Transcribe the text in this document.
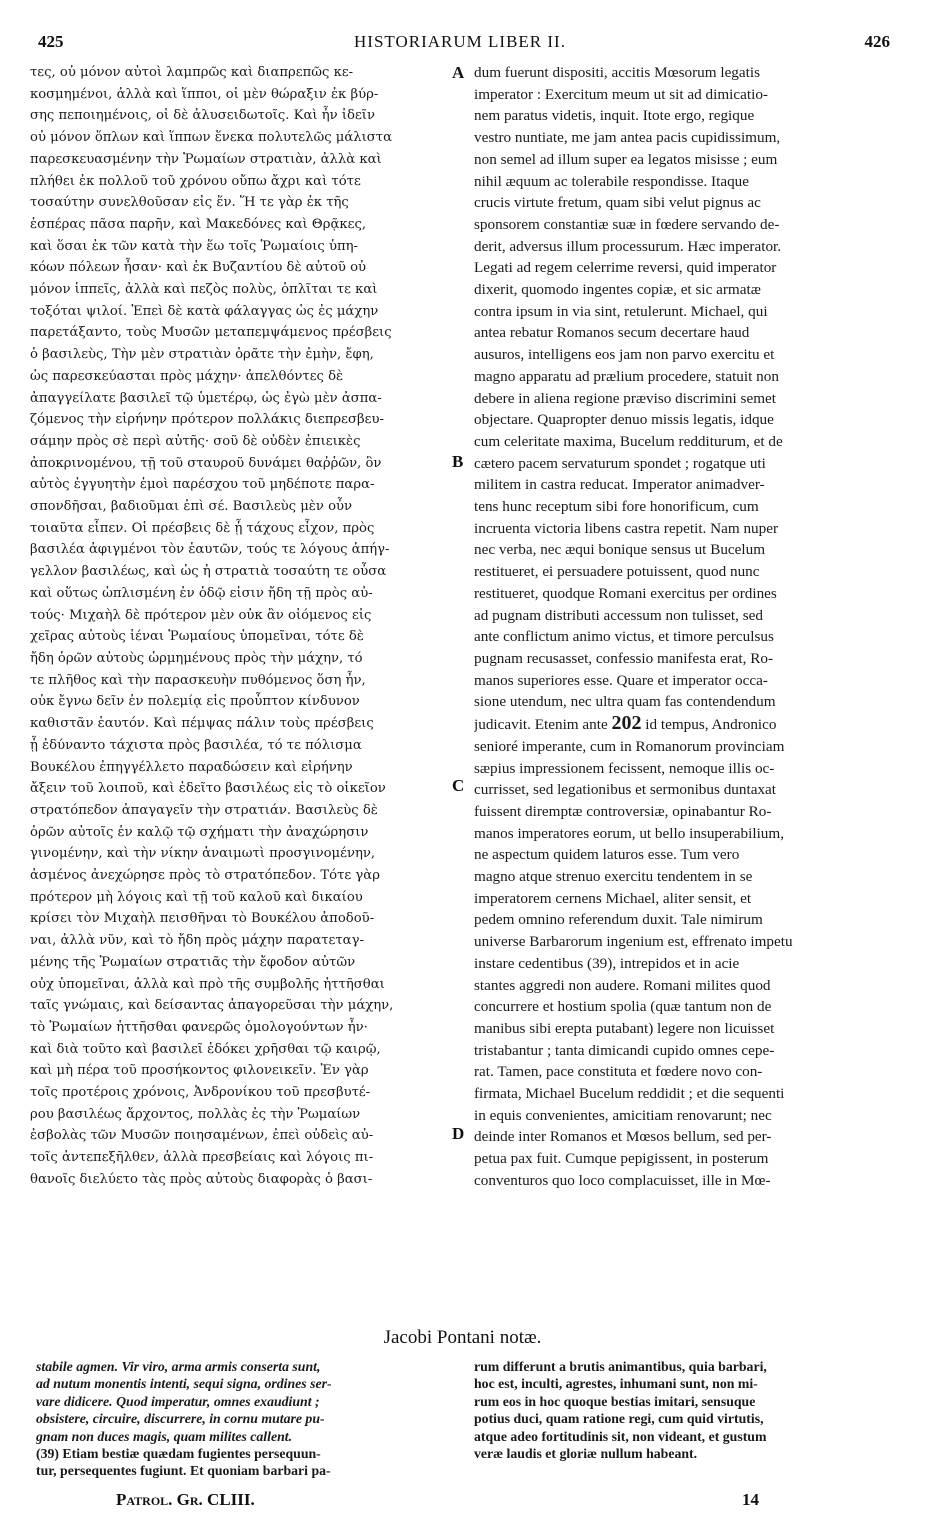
425	HISTORIARUM LIBER II.	426
τες, οὐ μόνον αὐτοὶ λαμπρῶς καὶ διαπρεπῶς κε-
κοσμημένοι, ἀλλὰ καὶ ἵπποι, οἱ μὲν θώραξιν ἐκ βύρ-
σης πεποιημένοις, οἱ δὲ ἀλυσειδωτοῖς. Καὶ ἦν ἰδεῖν
οὐ μόνον ὅπλων καὶ ἵππων ἕνεκα πολυτελῶς μάλιστα
παρεσκευασμένην τὴν Ῥωμαίων στρατιὰν, ἀλλὰ καὶ
πλήθει ἐκ πολλοῦ τοῦ χρόνου οὔπω ἄχρι καὶ τότε
τοσαύτην συνελθοῦσαν εἰς ἕν. Ἥ τε γὰρ ἐκ τῆς
ἑσπέρας πᾶσα παρῆν, καὶ Μακεδόνες καὶ Θρᾷκες,
καὶ ὅσαι ἐκ τῶν κατὰ τὴν ἕω τοῖς Ῥωμαίοις ὑπη-
κόων πόλεων ἦσαν· καὶ ἐκ Βυζαντίου δὲ αὐτοῦ οὐ
μόνον ἱππεῖς, ἀλλὰ καὶ πεζὸς πολὺς, ὁπλῖται τε καὶ
τοξόται ψιλοί. Ἐπεὶ δὲ κατὰ φάλαγγας ὡς ἐς μάχην
παρετάξαντο, τοὺς Μυσῶν μεταπεμψάμενος πρέσβεις
ὁ βασιλεὺς, Τὴν μὲν στρατιὰν ὁρᾶτε τὴν ἐμὴν, ἔφη,
ὡς παρεσκεύασται πρὸς μάχην· ἀπελθόντες δὲ
ἀπαγγείλατε βασιλεῖ τῷ ὑμετέρῳ, ὡς ἐγὼ μὲν ἀσπα-
ζόμενος τὴν εἰρήνην πρότερον πολλάκις διεπρεσβευ-
σάμην πρὸς σὲ περὶ αὐτῆς· σοῦ δὲ οὐδὲν ἐπιεικὲς
ἀποκρινομένου, τῇ τοῦ σταυροῦ δυνάμει θαῤῥῶν, ὃν
αὐτὸς ἐγγυητὴν ἐμοὶ παρέσχου τοῦ μηδέποτε παρα-
σπονδῆσαι, βαδιοῦμαι ἐπὶ σέ. Βασιλεὺς μὲν οὖν
τοιαῦτα εἶπεν. Οἱ πρέσβεις δὲ ᾗ τάχους εἶχον, πρὸς
βασιλέα ἀφιγμένοι τὸν ἑαυτῶν, τούς τε λόγους ἀπήγ-
γελλον βασιλέως, καὶ ὡς ἡ στρατιὰ τοσαύτη τε οὖσα
καὶ οὕτως ὡπλισμένη ἐν ὁδῷ εἰσιν ἤδη τῇ πρὸς αὐ-
τούς· Μιχαὴλ δὲ πρότερον μὲν οὐκ ἂν οἰόμενος εἰς
χεῖρας αὐτοὺς ἰέναι Ῥωμαίους ὑπομεῖναι, τότε δὲ
ἤδη ὁρῶν αὐτοὺς ὡρμημένους πρὸς τὴν μάχην, τό
τε πλῆθος καὶ τὴν παρασκευὴν πυθόμενος ὅση ἦν,
οὐκ ἔγνω δεῖν ἐν πολεμίᾳ εἰς προὖπτον κίνδυνον
καθιστᾶν ἑαυτόν. Καὶ πέμψας πάλιν τοὺς πρέσβεις
ᾗ ἐδύναντο τάχιστα πρὸς βασιλέα, τό τε πόλισμα
Βουκέλου ἐπηγγέλλετο παραδώσειν καὶ εἰρήνην
ἄξειν τοῦ λοιποῦ, καὶ ἐδεῖτο βασιλέως εἰς τὸ οἰκεῖον
στρατόπεδον ἀπαγαγεῖν τὴν στρατιάν. Βασιλεὺς δὲ
ὁρῶν αὐτοῖς ἐν καλῷ τῷ σχήματι τὴν ἀναχώρησιν
γινομένην, καὶ τὴν νίκην ἀναιμωτὶ προσγινομένην,
ἀσμένος ἀνεχώρησε πρὸς τὸ στρατόπεδον. Τότε γὰρ
πρότερον μὴ λόγοις καὶ τῇ τοῦ καλοῦ καὶ δικαίου
κρίσει τὸν Μιχαὴλ πεισθῆναι τὸ Βουκέλου ἀποδοῦ-
ναι, ἀλλὰ νῦν, καὶ τὸ ἤδη πρὸς μάχην παρατεταγ-
μένης τῆς Ῥωμαίων στρατιᾶς τὴν ἔφοδον αὐτῶν
οὐχ ὑπομεῖναι, ἀλλὰ καὶ πρὸ τῆς συμβολῆς ἡττῆσθαι
ταῖς γνώμαις, καὶ δείσαντας ἀπαγορεῦσαι τὴν μάχην,
τὸ Ῥωμαίων ἡττῆσθαι φανερῶς ὁμολογούντων ἦν·
καὶ διὰ τοῦτο καὶ βασιλεῖ ἐδόκει χρῆσθαι τῷ καιρῷ,
καὶ μὴ πέρα τοῦ προσήκοντος φιλονεικεῖν. Ἐν γὰρ
τοῖς προτέροις χρόνοις, Ἀνδρονίκου τοῦ πρεσβυτέ-
ρου βασιλέως ἄρχοντος, πολλὰς ἐς τὴν Ῥωμαίων
ἐσβολὰς τῶν Μυσῶν ποιησαμένων, ἐπεὶ οὐδεὶς αὐ-
τοῖς ἀντεπεξῆλθεν, ἀλλὰ πρεσβείαις καὶ λόγοις πι-
θανοῖς διελύετο τὰς πρὸς αὐτοὺς διαφορὰς ὁ βασι-
A
B
C
D
dum fuerunt dispositi, accitis Mœsorum legatis
imperator : Exercitum meum ut sit ad dimicatio-
nem paratus videtis, inquit. Itote ergo, regique
vestro nuntiate, me jam antea pacis cupidissimum,
non semel ad illum super ea legatos misisse ; eum
nihil æquum ac tolerabile respondisse. Itaque
crucis virtute fretum, quam sibi velut pignus ac
sponsorem constantiæ suæ in fœdere servando de-
derit, adversus illum processurum. Hæc imperator.
Legati ad regem celerrime reversi, quid imperator
dixerit, quomodo ingentes copiæ, et sic armatæ
contra ipsum in via sint, retulerunt. Michael, qui
antea rebatur Romanos secum decertare haud
ausuros, intelligens eos jam non parvo exercitu et
magno apparatu ad prælium procedere, statuit non
debere in aliena regione præviso discrimini semet
objectare. Quapropter denuo missis legatis, idque
cum celeritate maxima, Bucelum redditurum, et de
cætero pacem servaturum spondet ; rogatque uti
militem in castra reducat. Imperator animadver-
tens hunc receptum sibi fore honorificum, cum
incruenta victoria libens castra repetit. Nam nuper
nec verba, nec æqui bonique sensus ut Bucelum
restitueret, ei persuadere potuissent, quod nunc
restitueret, quodque Romani exercitus per ordines
ad pugnam distributi accessum non tulisset, sed
ante conflictum animo victus, et timore perculsus
pugnam recusasset, confessio manifesta erat, Ro-
manos superiores esse. Quare et imperator occa-
sione utendum, nec ultra quam fas contendendum
judicavit. Etenim ante 202 id tempus, Andronico
senioré imperante, cum in Romanorum provinciam
sæpius impressionem fecissent, nemoque illis oc-
currisset, sed legationibus et sermonibus duntaxat
fuissent diremptæ controversiæ, opinabantur Ro-
manos imperatores eorum, ut bello insuperabilium,
ne aspectum quidem laturos esse. Tum vero
magno atque strenuo exercitu tendentem in se
imperatorem cernens Michael, aliter sensit, et
pedem omnino referendum duxit. Tale nimirum
universe Barbarorum ingenium est, effrenato impetu
instare cedentibus (39), intrepidos et in acie
stantes aggredi non audere. Romani milites quod
concurrere et hostium spolia (quæ tantum non de
manibus sibi erepta putabant) legere non licuisset
tristabantur ; tanta dimicandi cupido omnes cepe-
rat. Tamen, pace constituta et fœdere novo con-
firmata, Michael Bucelum reddidit ; et die sequenti
in equis convenientes, amicitiam renovarunt; nec
deinde inter Romanos et Mœsos bellum, sed per-
petua pax fuit. Cumque pepigissent, in posterum
conventuros quo loco complacuisset, ille in Mœ-
Jacobi Pontani notæ.
stabile agmen. Vir viro, arma armis conserta sunt,
ad nutum monentis intenti, sequi signa, ordines ser-
vare didicere. Quod imperatur, omnes exaudiunt ;
obsistere, circuire, discurrere, in cornu mutare pu-
gnam non duces magis, quam milites callent.
(39) Etiam bestiæ quædam fugientes persequun-
tur, persequentes fugiunt. Et quoniam barbari pa-
rum differunt a brutis animantibus, quia barbari,
hoc est, inculti, agrestes, inhumani sunt, non mi-
rum eos in hoc quoque bestias imitari, sensuque
potius duci, quam ratione regi, cum quid virtutis,
atque adeo fortitudinis sit, non videant, et gustum
veræ laudis et gloriæ nullum habeant.
Patrol. Gr. CLIII.	14
